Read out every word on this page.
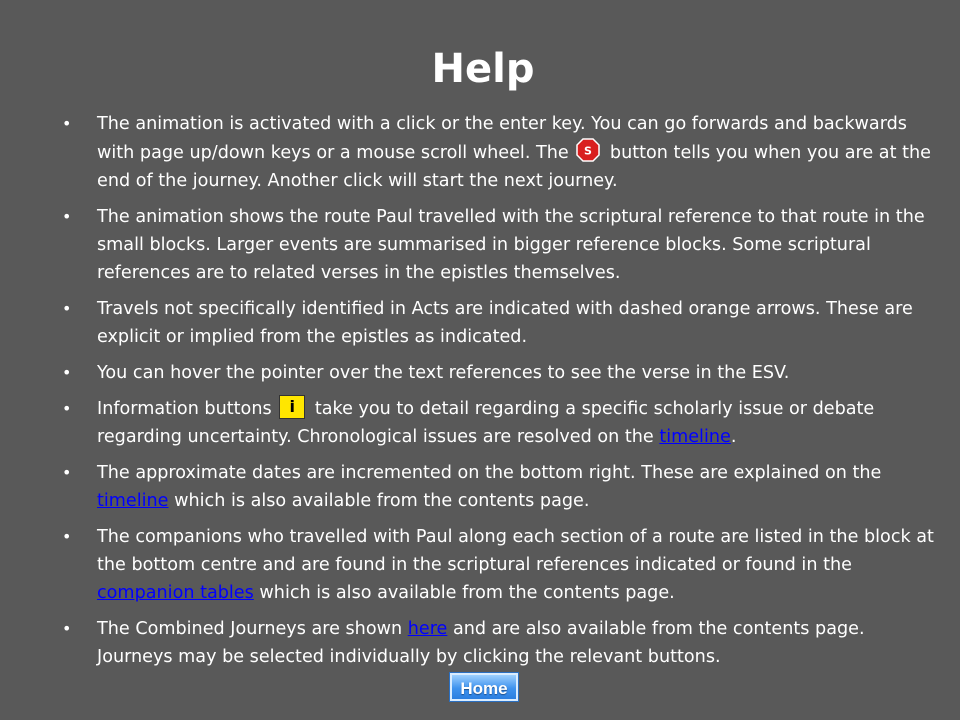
Help
• The animation is activated with a click or the enter key. You can go forwards and backwards with page up/down keys or a mouse scroll wheel. The S button tells you when you are at the end of the journey. Another click will start the next journey.
• The animation shows the route Paul travelled with the scriptural reference to that route in the small blocks. Larger events are summarised in bigger reference blocks. Some scriptural references are to related verses in the epistles themselves.
• Travels not specifically identified in Acts are indicated with dashed orange arrows. These are explicit or implied from the epistles as indicated.
• You can hover the pointer over the text references to see the verse in the ESV.
• Information buttons i take you to detail regarding a specific scholarly issue or debate regarding uncertainty. Chronological issues are resolved on the timeline.
• The approximate dates are incremented on the bottom right. These are explained on the timeline which is also available from the contents page.
• The companions who travelled with Paul along each section of a route are listed in the block at the bottom centre and are found in the scriptural references indicated or found in the companion tables which is also available from the contents page.
• The Combined Journeys are shown here and are also available from the contents page. Journeys may be selected individually by clicking the relevant buttons.
Home
